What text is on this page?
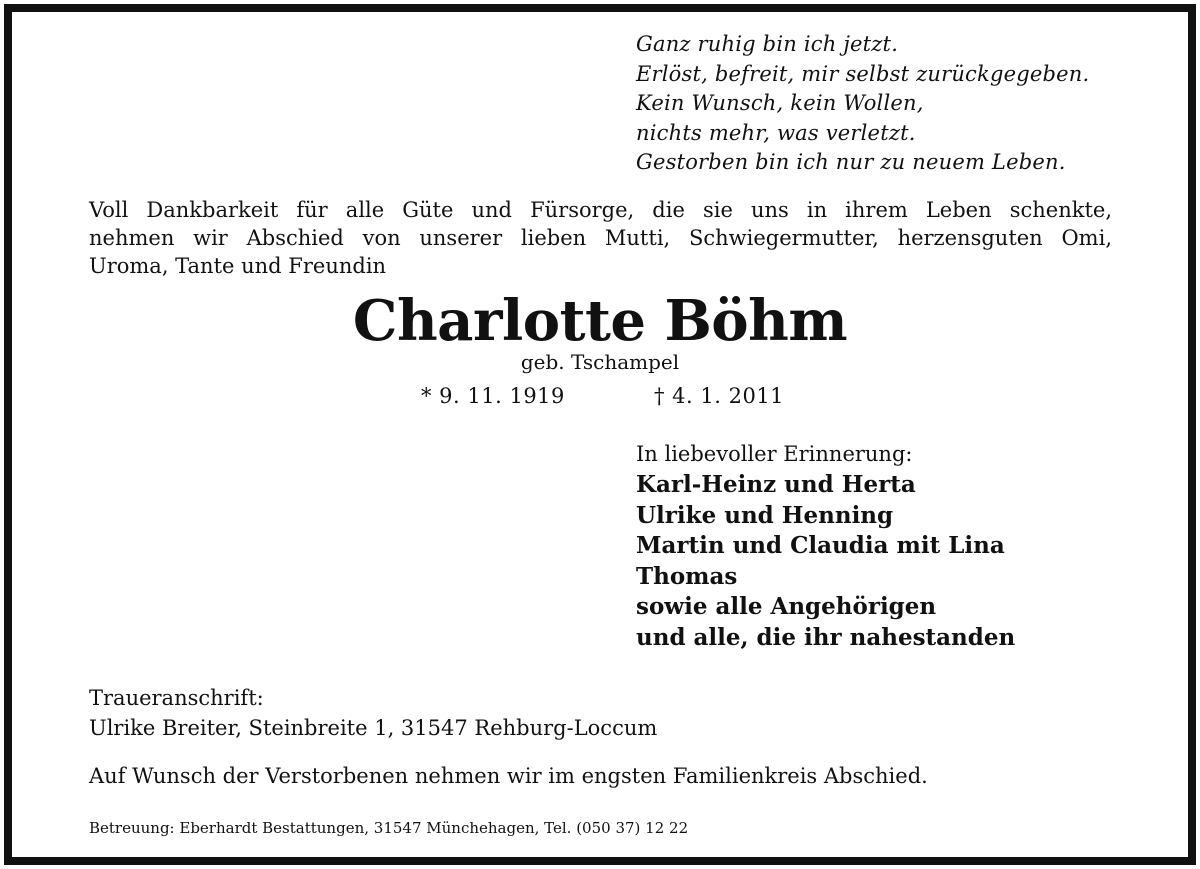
Ganz ruhig bin ich jetzt.
Erlöst, befreit, mir selbst zurückgegeben.
Kein Wunsch, kein Wollen,
nichts mehr, was verletzt.
Gestorben bin ich nur zu neuem Leben.
Voll Dankbarkeit für alle Güte und Fürsorge, die sie uns in ihrem Leben schenkte,
nehmen wir Abschied von unserer lieben Mutti, Schwiegermutter, herzensguten Omi,
Uroma, Tante und Freundin
Charlotte Böhm
geb. Tschampel
* 9. 11. 1919	† 4. 1. 2011
In liebevoller Erinnerung:
Karl-Heinz und Herta
Ulrike und Henning
Martin und Claudia mit Lina
Thomas
sowie alle Angehörigen
und alle, die ihr nahestanden
Traueranschrift:
Ulrike Breiter, Steinbreite 1, 31547 Rehburg-Loccum
Auf Wunsch der Verstorbenen nehmen wir im engsten Familienkreis Abschied.
Betreuung: Eberhardt Bestattungen, 31547 Münchehagen, Tel. (050 37) 12 22
